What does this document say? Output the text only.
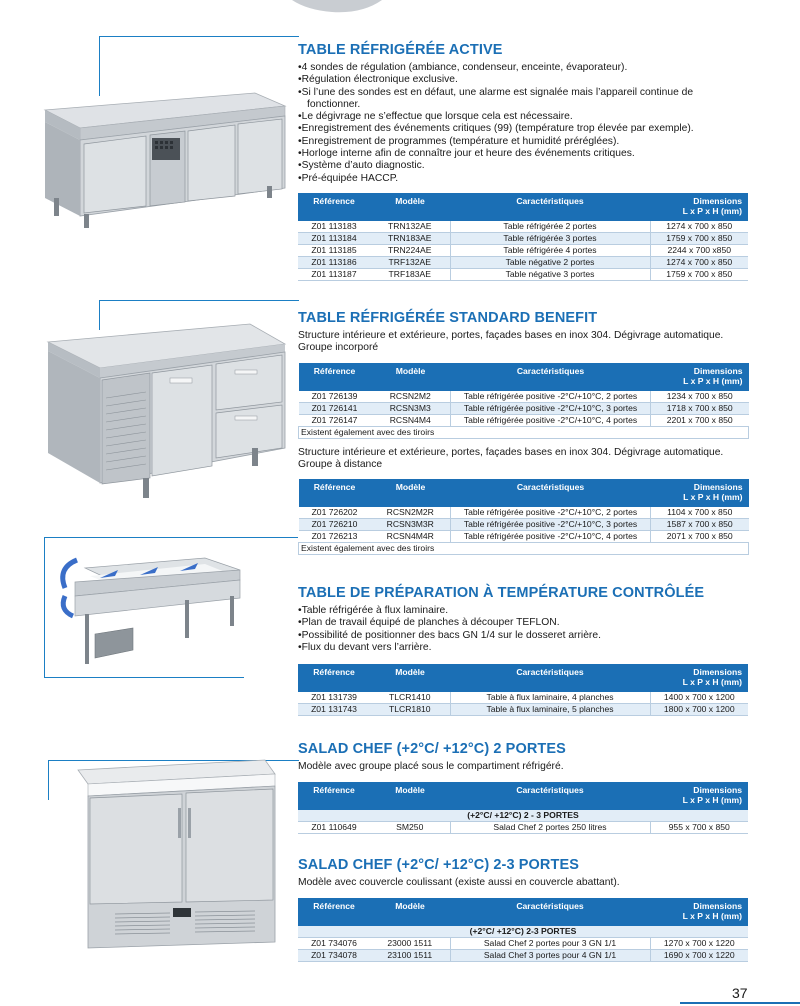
TABLE RÉFRIGÉRÉE ACTIVE
• 4 sondes de régulation (ambiance, condenseur, enceinte, évaporateur).
• Régulation électronique exclusive.
• Si l’une des sondes est en défaut, une alarme est signalée mais l’appareil continue de fonctionner.
• Le dégivrage ne s’effectue que lorsque cela est nécessaire.
• Enregistrement des événements critiques (99) (température trop élevée par exemple).
• Enregistrement de programmes (température et humidité préréglées).
• Horloge interne afin de connaître jour et heure des événements critiques.
• Système d’auto diagnostic.
• Pré-équipée HACCP.
Référence	Modèle	Caractéristiques	Dimensions
L x P x H (mm)
Z01 113183	TRN132AE	Table réfrigérée 2 portes	1274 x 700 x 850
Z01 113184	TRN183AE	Table réfrigérée 3 portes	1759 x 700 x 850
Z01 113185	TRN224AE	Table réfrigérée 4 portes	2244 x 700 x850
Z01 113186	TRF132AE	Table négative 2 portes	1274 x 700 x 850
Z01 113187	TRF183AE	Table négative 3 portes	1759 x 700 x 850
TABLE RÉFRIGÉRÉE STANDARD BENEFIT

Structure intérieure et extérieure, portes, façades bases en inox 304. Dégivrage automatique. Groupe incorporé

Référence	Modèle	Caractéristiques	Dimensions
L x P x H (mm)
Z01 726139	RCSN2M2	Table réfrigérée positive -2°C/+10°C, 2 portes	1234 x 700 x 850
Z01 726141	RCSN3M3	Table réfrigérée positive -2°C/+10°C, 3 portes	1718 x 700 x 850
Z01 726147	RCSN4M4	Table réfrigérée positive -2°C/+10°C, 4 portes	2201 x 700 x 850
Existent également avec des tiroirs			

Structure intérieure et extérieure, portes, façades bases en inox 304. Dégivrage automatique. Groupe à distance

Référence	Modèle	Caractéristiques	Dimensions
L x P x H (mm)
Z01 726202	RCSN2M2R	Table réfrigérée positive -2°C/+10°C, 2 portes	1104 x 700 x 850
Z01 726210	RCSN3M3R	Table réfrigérée positive -2°C/+10°C, 3 portes	1587 x 700 x 850
Z01 726213	RCSN4M4R	Table réfrigérée positive -2°C/+10°C, 4 portes	2071 x 700 x 850
Existent également avec des tiroirs			
TABLE DE PRÉPARATION À TEMPÉRATURE CONTRÔLÉE
• Table réfrigérée à flux laminaire.
• Plan de travail équipé de planches à découper TEFLON.
• Possibilité de positionner des bacs GN 1/4 sur le dosseret arrière.
• Flux du devant vers l’arrière.
Référence	Modèle	Caractéristiques	Dimensions
L x P x H (mm)
Z01 131739	TLCR1410	Table à flux laminaire, 4 planches	1400 x 700 x 1200
Z01 131743	TLCR1810	Table à flux laminaire, 5 planches	1800 x 700 x 1200
SALAD CHEF (+2°C/ +12°C) 2 PORTES

Modèle avec groupe placé sous le compartiment réfrigéré.

Référence	Modèle	Caractéristiques	Dimensions
L x P x H (mm)
(+2°C/ +12°C) 2 - 3 PORTES			
Z01 110649	SM250	Salad Chef 2 portes 250 litres	955 x 700 x 850
SALAD CHEF (+2°C/ +12°C) 2-3 PORTES

Modèle avec couvercle coulissant (existe aussi en couvercle abattant).

Référence	Modèle	Caractéristiques	Dimensions
L x P x H (mm)
(+2°C/ +12°C) 2-3 PORTES			
Z01 734076	23000 1511	Salad Chef 2 portes pour 3 GN 1/1	1270 x 700 x 1220
Z01 734078	23100 1511	Salad Chef 3 portes pour 4 GN 1/1	1690 x 700 x 1220
37
